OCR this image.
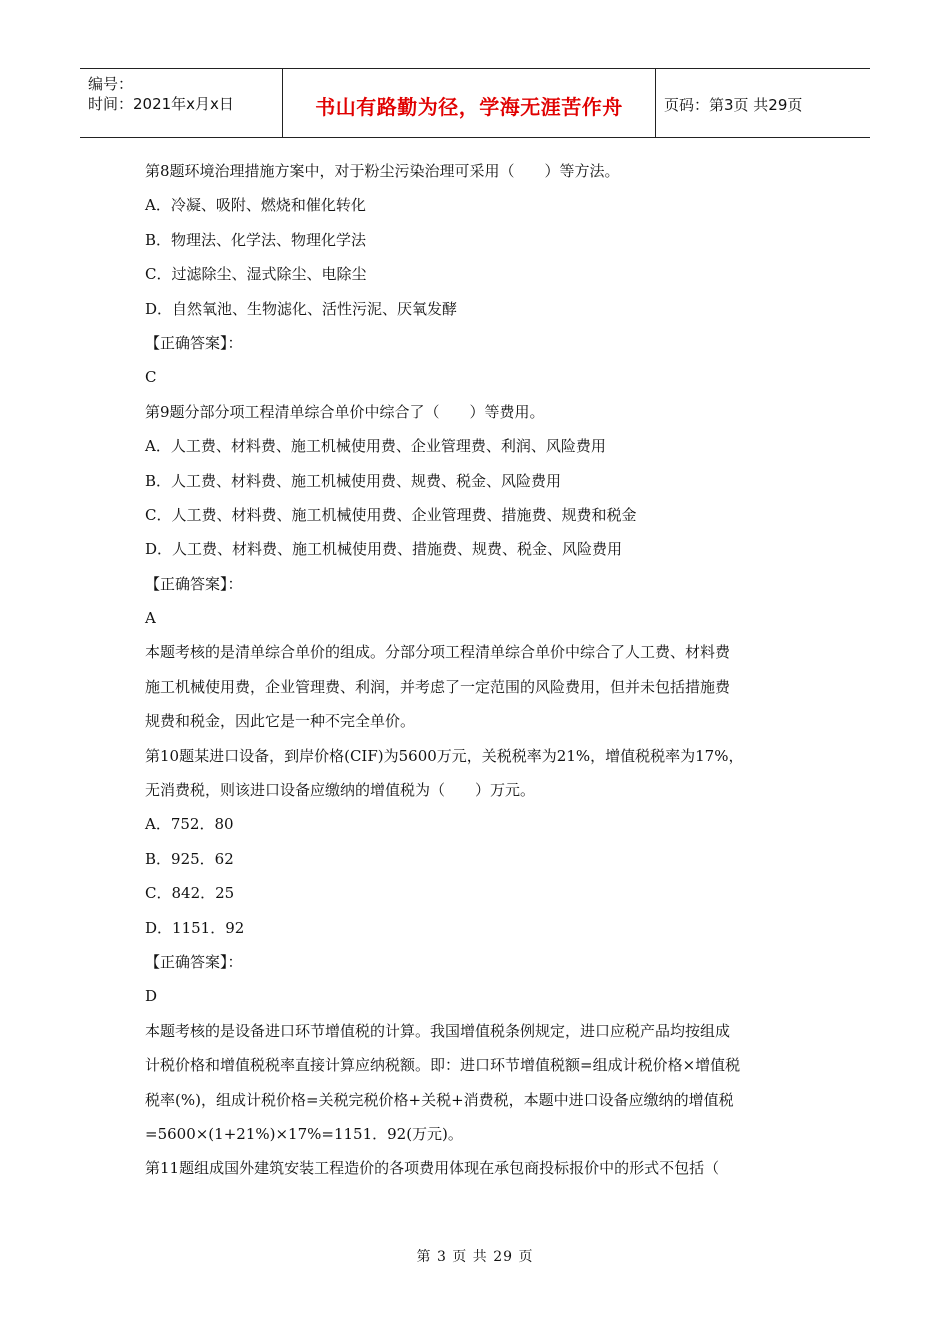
编号：
时间：2021年x月x日	书山有路勤为径，学海无涯苦作舟	页码：第3页 共29页
第8题环境治理措施方案中，对于粉尘污染治理可采用（　　）等方法。
A．冷凝、吸附、燃烧和催化转化
B．物理法、化学法、物理化学法
C．过滤除尘、湿式除尘、电除尘
D．自然氧池、生物滤化、活性污泥、厌氧发酵
【正确答案】：
C
第9题分部分项工程清单综合单价中综合了（　　）等费用。
A．人工费、材料费、施工机械使用费、企业管理费、利润、风险费用
B．人工费、材料费、施工机械使用费、规费、税金、风险费用
C．人工费、材料费、施工机械使用费、企业管理费、措施费、规费和税金
D．人工费、材料费、施工机械使用费、措施费、规费、税金、风险费用
【正确答案】：
A
本题考核的是清单综合单价的组成。分部分项工程清单综合单价中综合了人工费、材料费
施工机械使用费，企业管理费、利润，并考虑了一定范围的风险费用，但并未包括措施费
规费和税金，因此它是一种不完全单价。
第10题某进口设备，到岸价格(CIF)为5600万元，关税税率为21%，增值税税率为17%，
无消费税，则该进口设备应缴纳的增值税为（　　）万元。
A．752．80
B．925．62
C．842．25
D．1151．92
【正确答案】：
D
本题考核的是设备进口环节增值税的计算。我国增值税条例规定，进口应税产品均按组成
计税价格和增值税税率直接计算应纳税额。即：进口环节增值税额=组成计税价格×增值税
税率(%)，组成计税价格=关税完税价格+关税+消费税，本题中进口设备应缴纳的增值税
=5600×(1+21%)×17%=1151．92(万元)。
第11题组成国外建筑安装工程造价的各项费用体现在承包商投标报价中的形式不包括（
第 3 页 共 29 页
